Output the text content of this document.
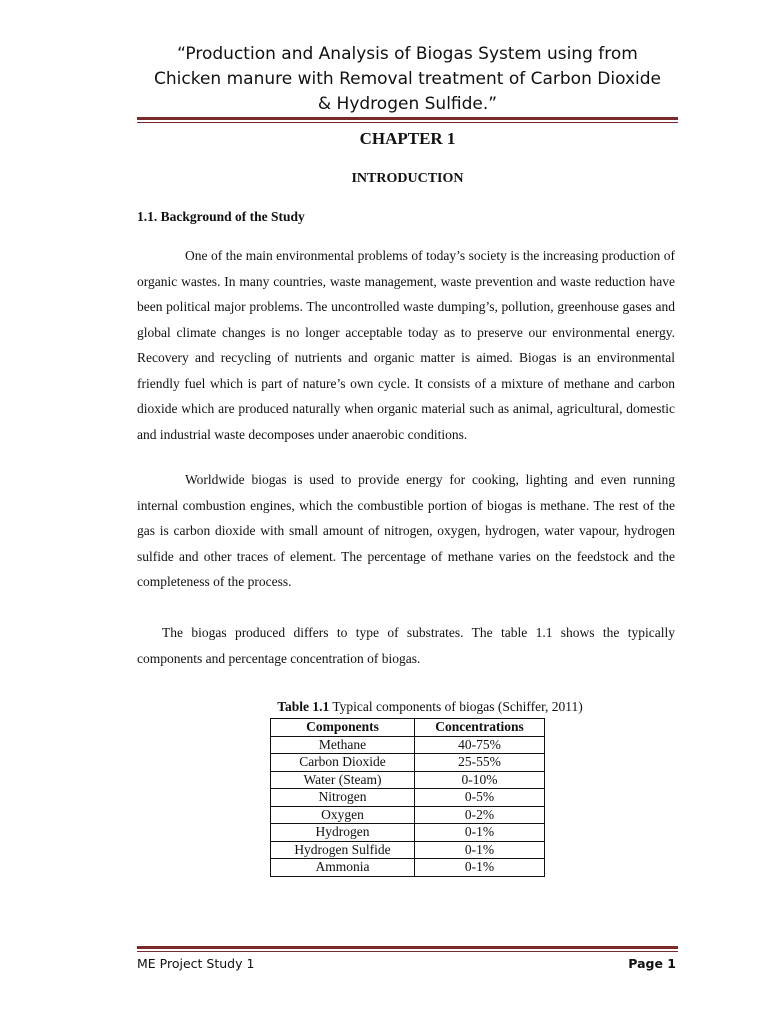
“Production and Analysis of Biogas System using from
Chicken manure with Removal treatment of Carbon Dioxide
& Hydrogen Sulfide.”
CHAPTER 1
INTRODUCTION
1.1. Background of the Study

One of the main environmental problems of today’s society is the increasing production of organic wastes. In many countries, waste management, waste prevention and waste reduction have been political major problems. The uncontrolled waste dumping’s, pollution, greenhouse gases and global climate changes is no longer acceptable today as to preserve our environmental energy. Recovery and recycling of nutrients and organic matter is aimed. Biogas is an environmental friendly fuel which is part of nature’s own cycle. It consists of a mixture of methane and carbon dioxide which are produced naturally when organic material such as animal, agricultural, domestic and industrial waste decomposes under anaerobic conditions.

Worldwide biogas is used to provide energy for cooking, lighting and even running internal combustion engines, which the combustible portion of biogas is methane. The rest of the gas is carbon dioxide with small amount of nitrogen, oxygen, hydrogen, water vapour, hydrogen sulfide and other traces of element. The percentage of methane varies on the feedstock and the completeness of the process.

The biogas produced differs to type of substrates. The table 1.1 shows the typically components and percentage concentration of biogas.

Table 1.1 Typical components of biogas (Schiffer, 2011)
Components	Concentrations
Methane	40-75%
Carbon Dioxide	25-55%
Water (Steam)	0-10%
Nitrogen	0-5%
Oxygen	0-2%
Hydrogen	0-1%
Hydrogen Sulfide	0-1%
Ammonia	0-1%
ME Project Study 1	Page 1
